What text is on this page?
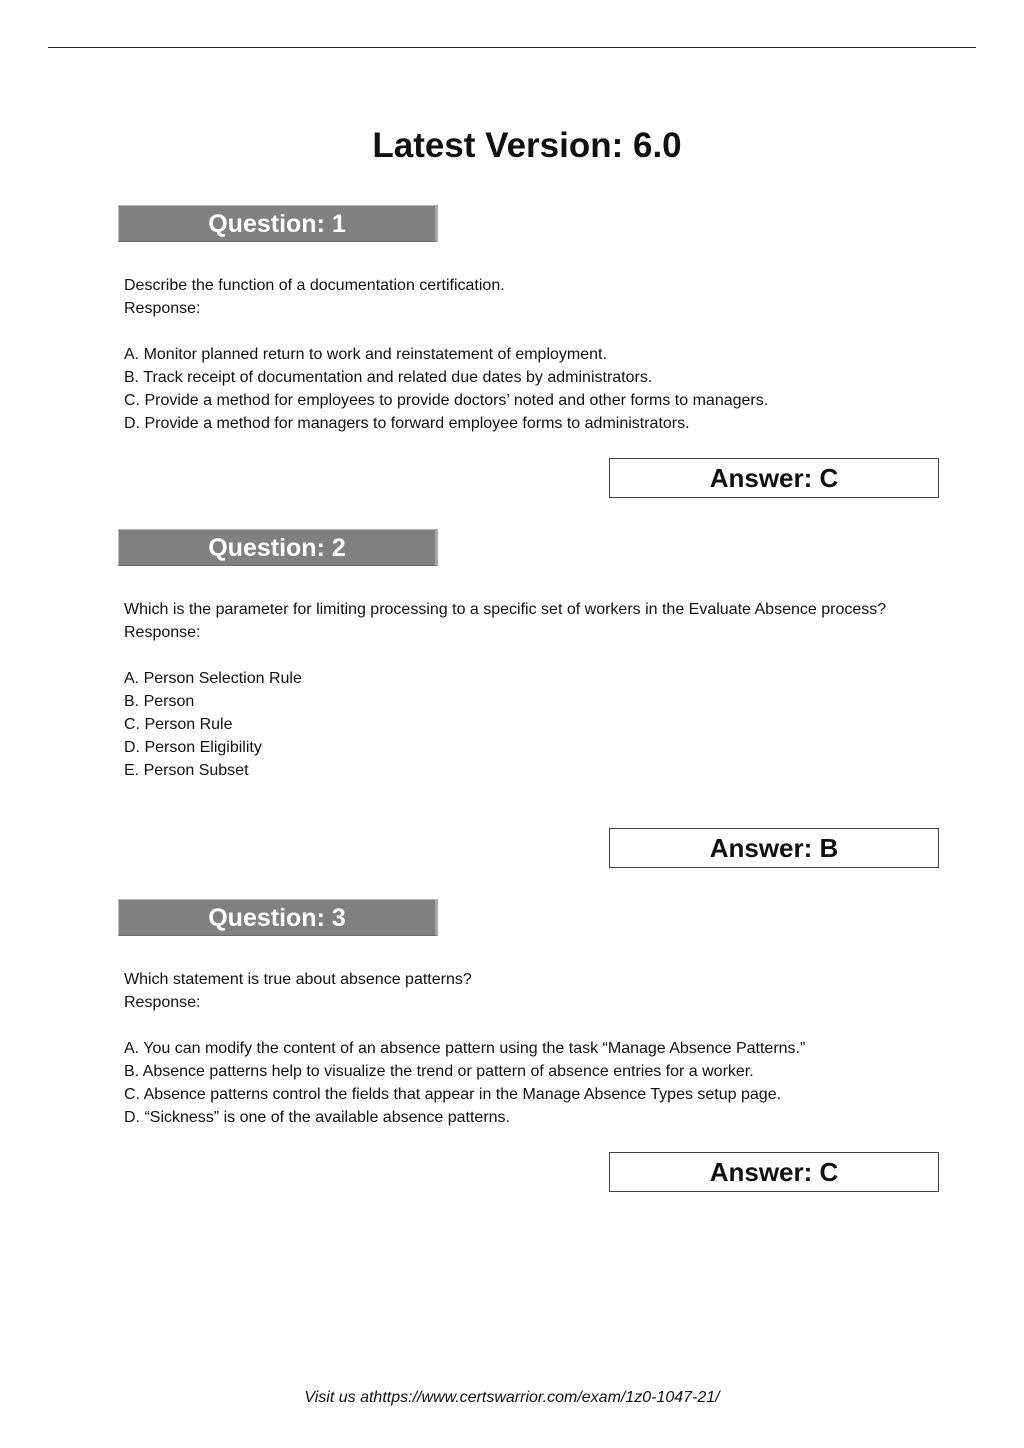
Latest Version: 6.0
Question: 1

Describe the function of a documentation certification.

Response:

A. Monitor planned return to work and reinstatement of employment.

B. Track receipt of documentation and related due dates by administrators.

C. Provide a method for employees to provide doctors’ noted and other forms to managers.

D. Provide a method for managers to forward employee forms to administrators.

Answer: C
Question: 2

Which is the parameter for limiting processing to a specific set of workers in the Evaluate Absence process?

Response:

A. Person Selection Rule

B. Person

C. Person Rule

D. Person Eligibility

E. Person Subset

Answer: B
Question: 3

Which statement is true about absence patterns?

Response:

A. You can modify the content of an absence pattern using the task “Manage Absence Patterns.”

B. Absence patterns help to visualize the trend or pattern of absence entries for a worker.

C. Absence patterns control the fields that appear in the Manage Absence Types setup page.

D. “Sickness” is one of the available absence patterns.

Answer: C
Visit us athttps://www.certswarrior.com/exam/1z0-1047-21/
